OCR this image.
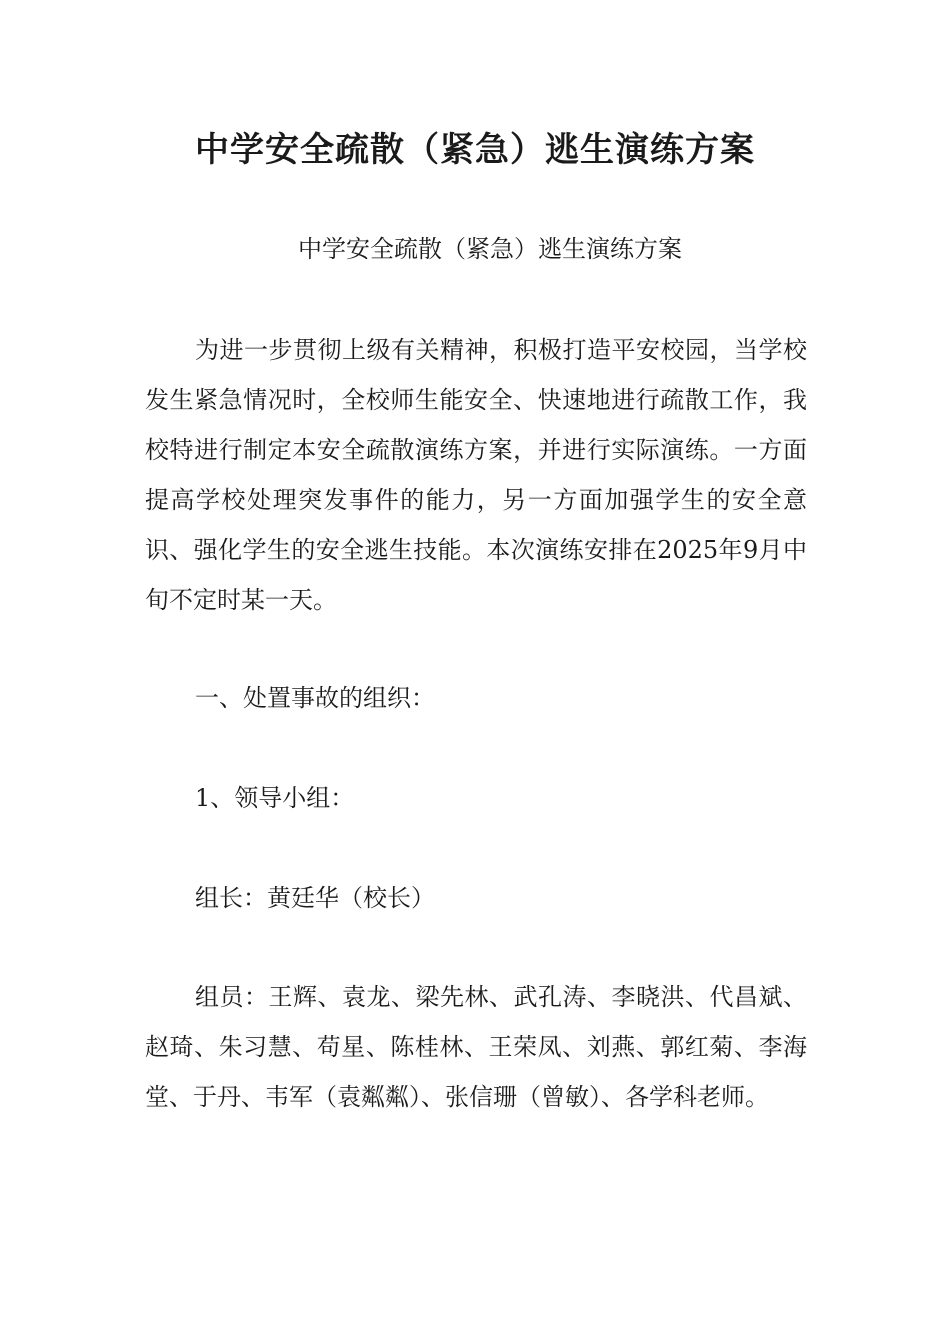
中学安全疏散（紧急）逃生演练方案

中学安全疏散（紧急）逃生演练方案

为进一步贯彻上级有关精神，积极打造平安校园，当学校发生紧急情况时，全校师生能安全、快速地进行疏散工作，我校特进行制定本安全疏散演练方案，并进行实际演练。一方面提高学校处理突发事件的能力，另一方面加强学生的安全意识、强化学生的安全逃生技能。本次演练安排在2025年9月中旬不定时某一天。

一、处置事故的组织：

1、领导小组：

组长：黄廷华（校长）

组员：王辉、袁龙、梁先林、武孔涛、李晓洪、代昌斌、赵琦、朱习慧、苟星、陈桂林、王荣凤、刘燕、郭红菊、李海堂、于丹、韦军（袁粼粼）、张信珊（曾敏）、各学科老师。
